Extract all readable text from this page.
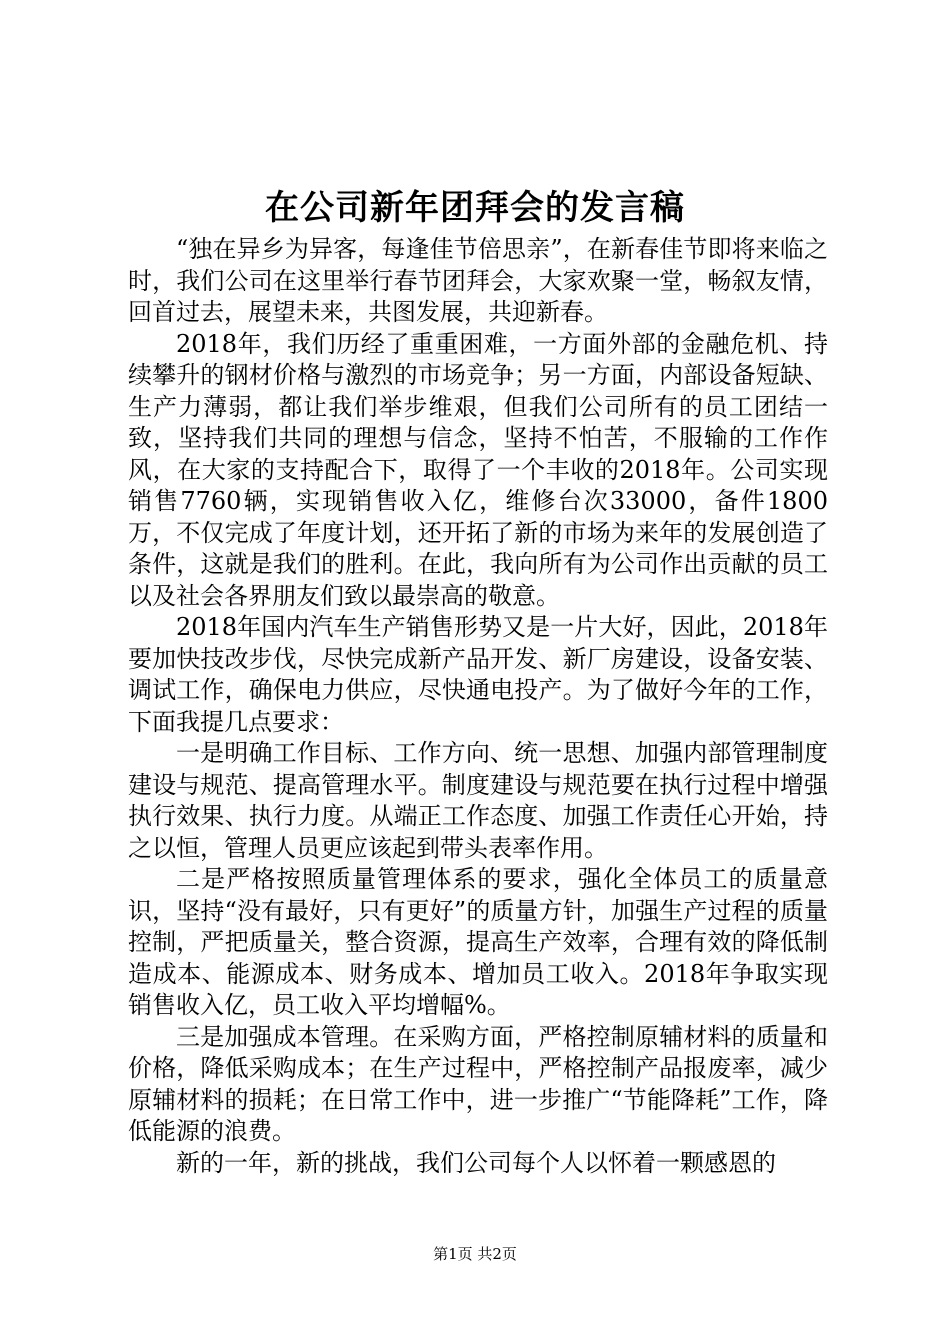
在公司新年团拜会的发言稿

“独在异乡为异客，每逢佳节倍思亲”，在新春佳节即将来临之时，我们公司在这里举行春节团拜会，大家欢聚一堂，畅叙友情，回首过去，展望未来，共图发展，共迎新春。

2018年，我们历经了重重困难，一方面外部的金融危机、持续攀升的钢材价格与激烈的市场竞争；另一方面，内部设备短缺、生产力薄弱，都让我们举步维艰，但我们公司所有的员工团结一致，坚持我们共同的理想与信念，坚持不怕苦，不服输的工作作风，在大家的支持配合下，取得了一个丰收的2018年。公司实现销售7760辆，实现销售收入亿，维修台次33000，备件1800万，不仅完成了年度计划，还开拓了新的市场为来年的发展创造了条件，这就是我们的胜利。在此，我向所有为公司作出贡献的员工以及社会各界朋友们致以最崇高的敬意。

2018年国内汽车生产销售形势又是一片大好，因此，2018年要加快技改步伐，尽快完成新产品开发、新厂房建设，设备安装、调试工作，确保电力供应，尽快通电投产。为了做好今年的工作，下面我提几点要求：

一是明确工作目标、工作方向、统一思想、加强内部管理制度建设与规范、提高管理水平。制度建设与规范要在执行过程中增强执行效果、执行力度。从端正工作态度、加强工作责任心开始，持之以恒，管理人员更应该起到带头表率作用。

二是严格按照质量管理体系的要求，强化全体员工的质量意识，坚持“没有最好，只有更好”的质量方针，加强生产过程的质量控制，严把质量关，整合资源，提高生产效率，合理有效的降低制造成本、能源成本、财务成本、增加员工收入。2018年争取实现销售收入亿，员工收入平均增幅%。

三是加强成本管理。在采购方面，严格控制原辅材料的质量和价格，降低采购成本；在生产过程中，严格控制产品报废率，减少原辅材料的损耗；在日常工作中，进一步推广“节能降耗”工作，降低能源的浪费。

新的一年，新的挑战，我们公司每个人以怀着一颗感恩的

第1页 共2页
